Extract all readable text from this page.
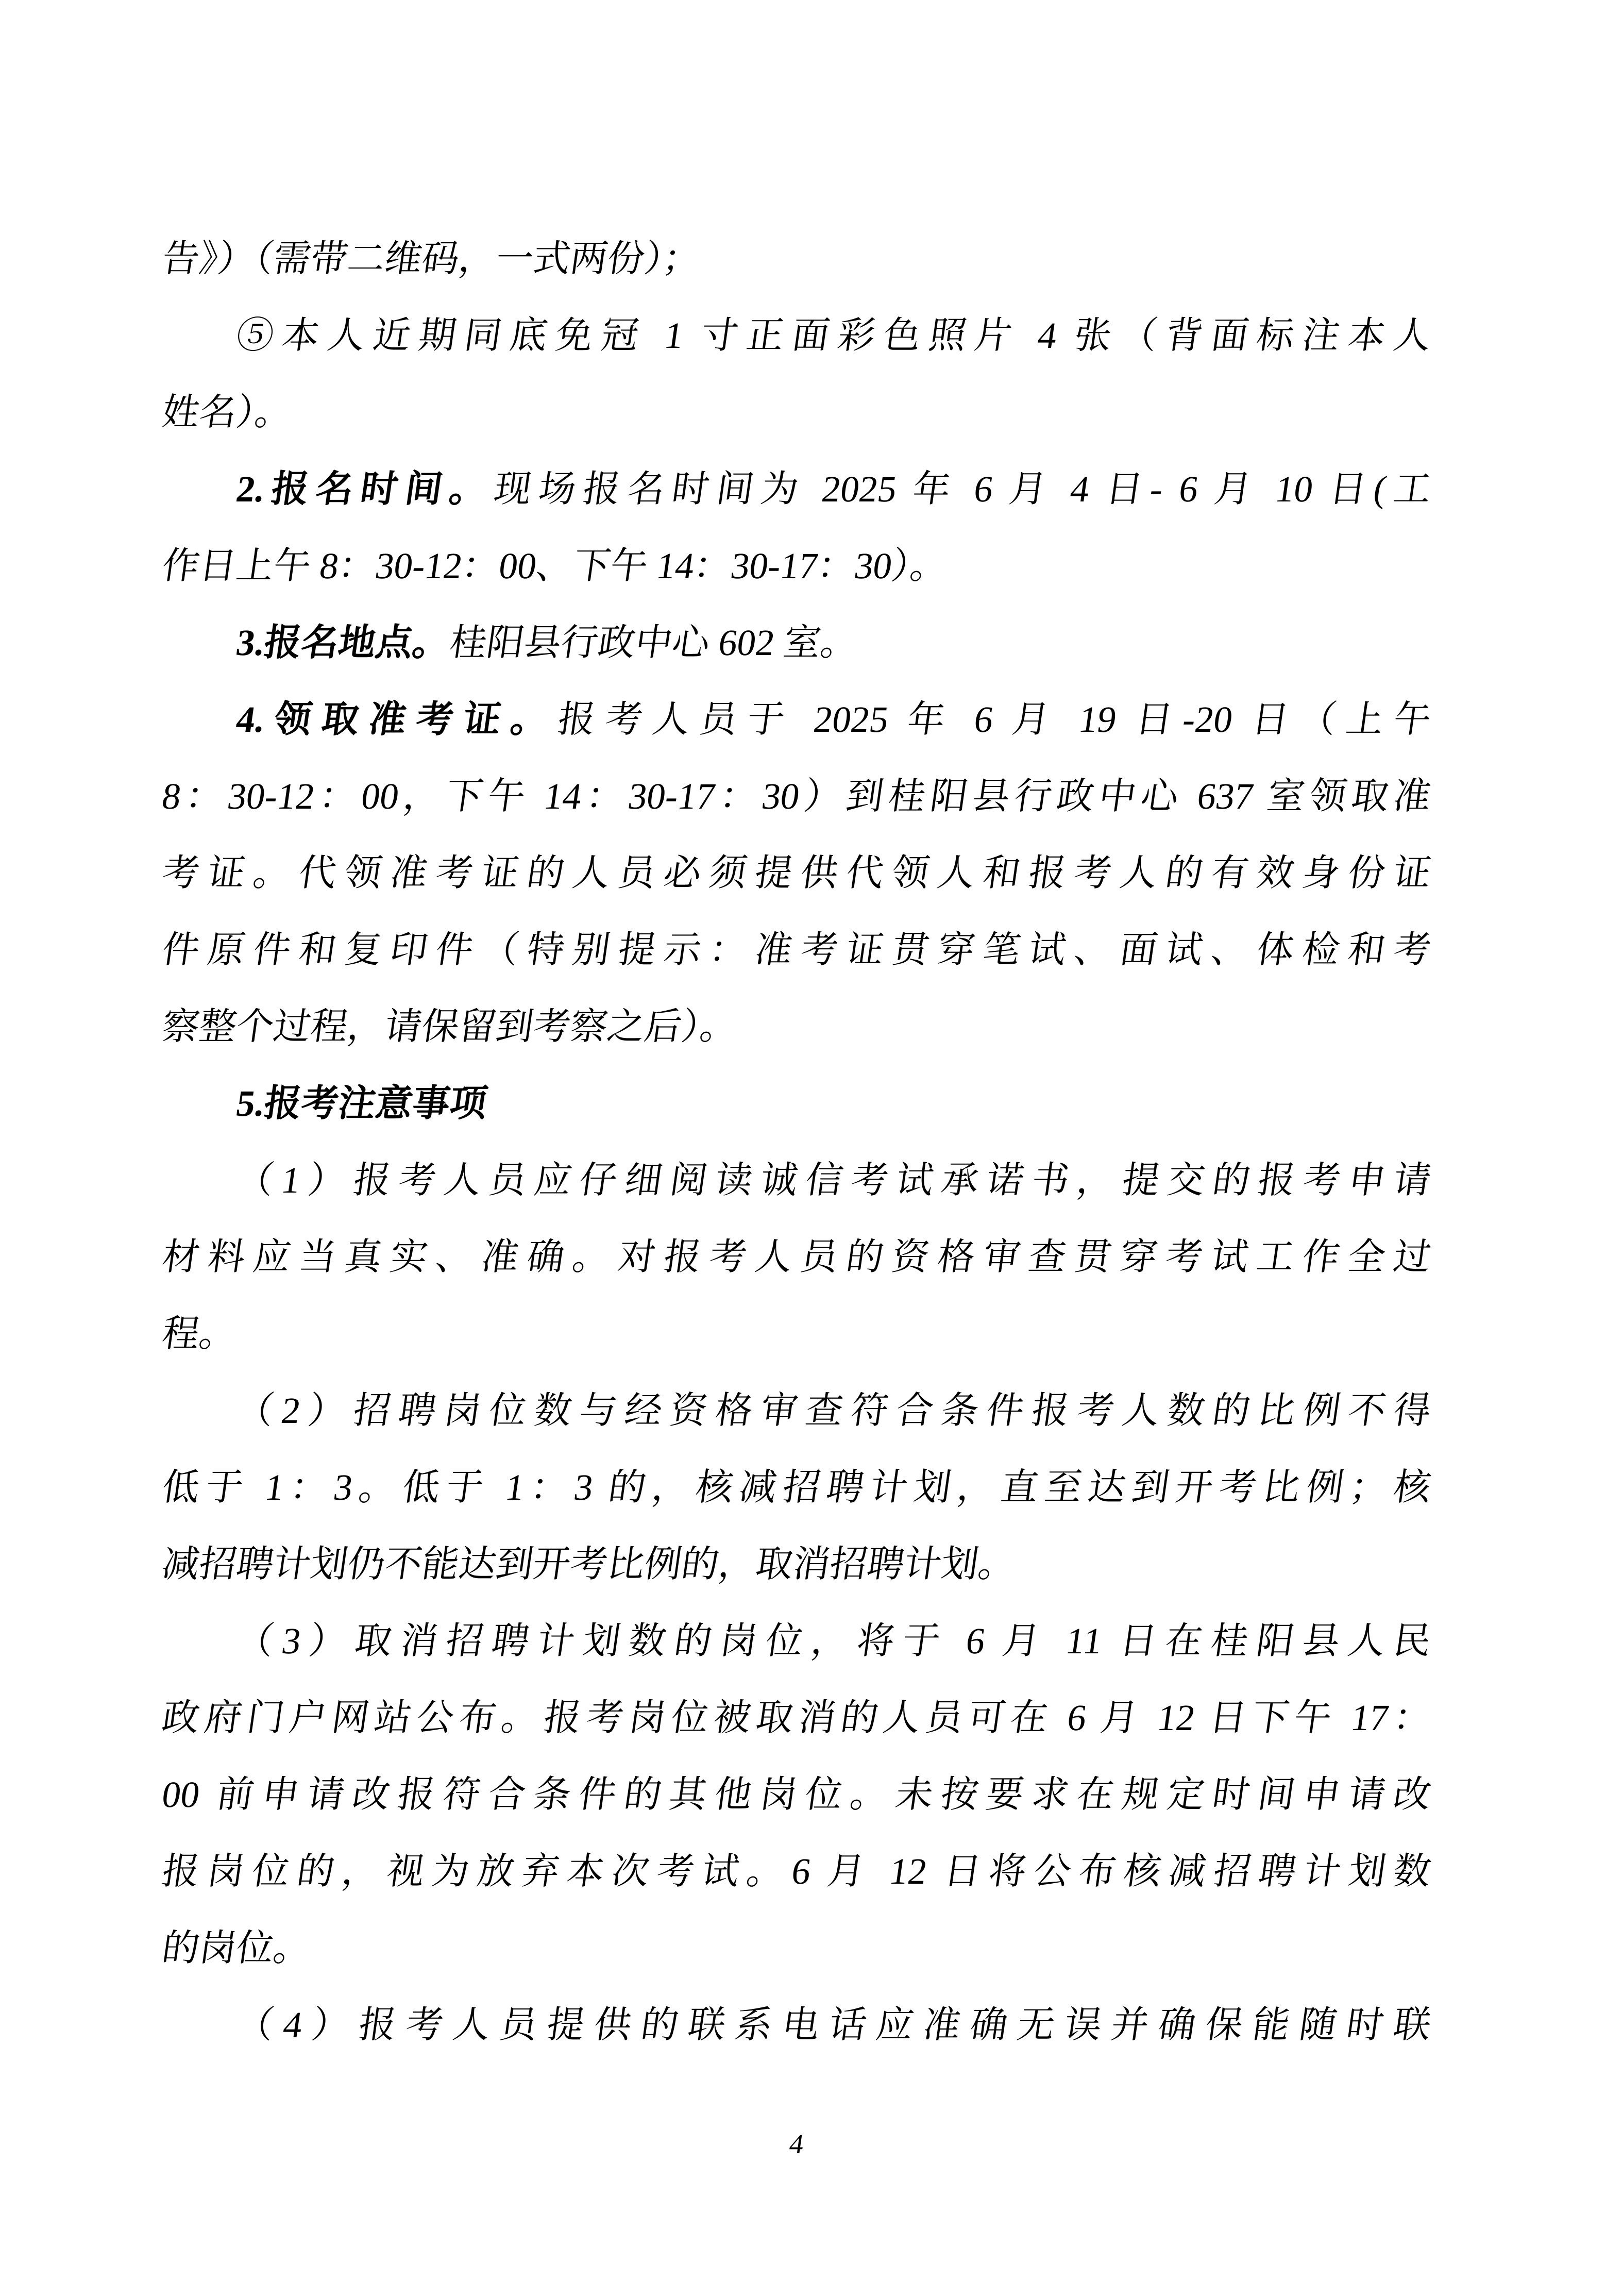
告》）（需带二维码，一式两份）；
⑤本人近期同底免冠 1 寸正面彩色照片 4 张（背面标注本人
姓名）。
2.报名时间。现场报名时间为 2025 年 6 月 4 日- 6 月 10 日(工
作日上午 8：30-12：00、下午 14：30-17：30）。
3.报名地点。桂阳县行政中心 602 室。
4.领取准考证。报考人员于 2025 年 6 月 19 日-20 日（上午
8：30-12：00，下午 14：30-17：30）到桂阳县行政中心 637 室领取准
考证。代领准考证的人员必须提供代领人和报考人的有效身份证
件原件和复印件（特别提示：准考证贯穿笔试、面试、体检和考
察整个过程，请保留到考察之后）。
5.报考注意事项
（1）报考人员应仔细阅读诚信考试承诺书，提交的报考申请
材料应当真实、准确。对报考人员的资格审查贯穿考试工作全过
程。
（2）招聘岗位数与经资格审查符合条件报考人数的比例不得
低于 1：3。低于 1：3 的，核减招聘计划，直至达到开考比例；核
减招聘计划仍不能达到开考比例的，取消招聘计划。
（3）取消招聘计划数的岗位，将于 6 月 11 日在桂阳县人民
政府门户网站公布。报考岗位被取消的人员可在 6 月 12 日下午 17：
00 前申请改报符合条件的其他岗位。未按要求在规定时间申请改
报岗位的，视为放弃本次考试。6 月 12 日将公布核减招聘计划数
的岗位。
（4）报考人员提供的联系电话应准确无误并确保能随时联
4
